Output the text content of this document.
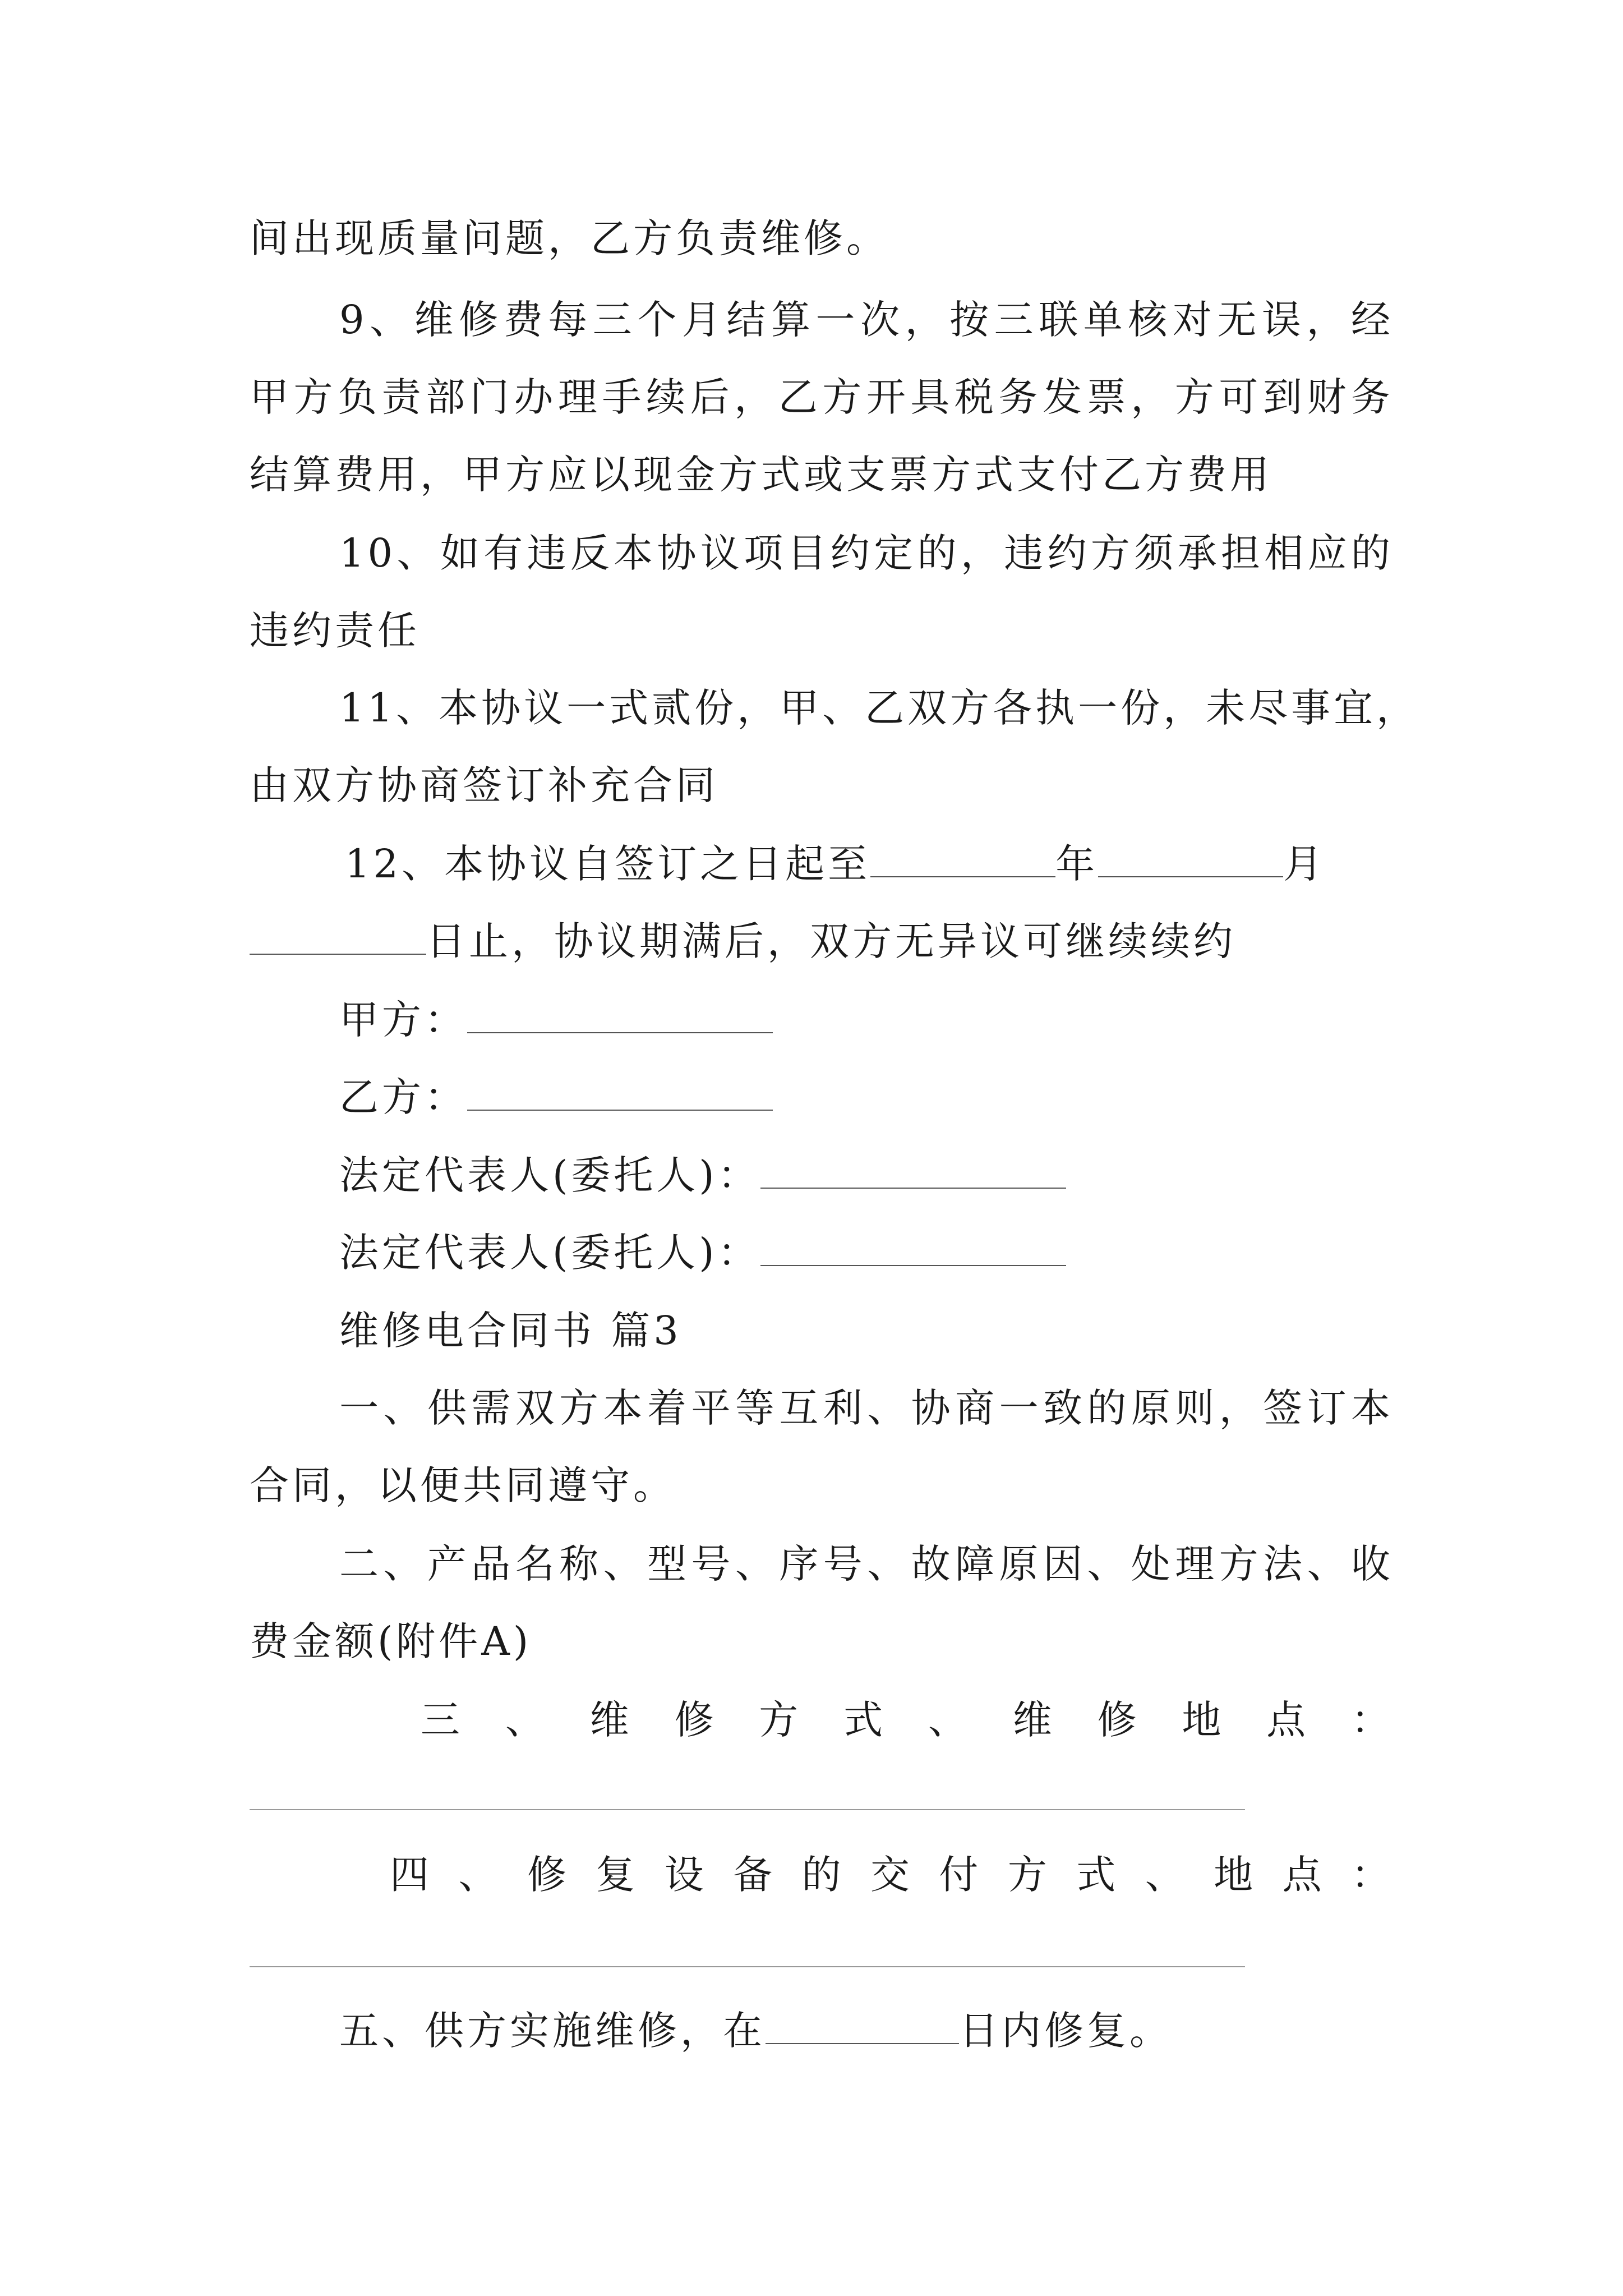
间出现质量问题，乙方负责维修。
9、维修费每三个月结算一次，按三联单核对无误，经
甲方负责部门办理手续后，乙方开具税务发票，方可到财务
结算费用，甲方应以现金方式或支票方式支付乙方费用
10、如有违反本协议项目约定的，违约方须承担相应的
违约责任
11、本协议一式贰份，甲、乙双方各执一份，未尽事宜，
由双方协商签订补充合同
12、本协议自签订之日起至	年	月
日止，协议期满后，双方无异议可继续续约
甲方：
乙方：
法定代表人(委托人)：
法定代表人(委托人)：
维修电合同书 篇3
一、供需双方本着平等互利、协商一致的原则，签订本
合同，以便共同遵守。
二、产品名称、型号、序号、故障原因、处理方法、收
费金额(附件A)
三、维修方式、维修地点：
四、修复设备的交付方式、地点：
五、供方实施维修，在	日内修复。
